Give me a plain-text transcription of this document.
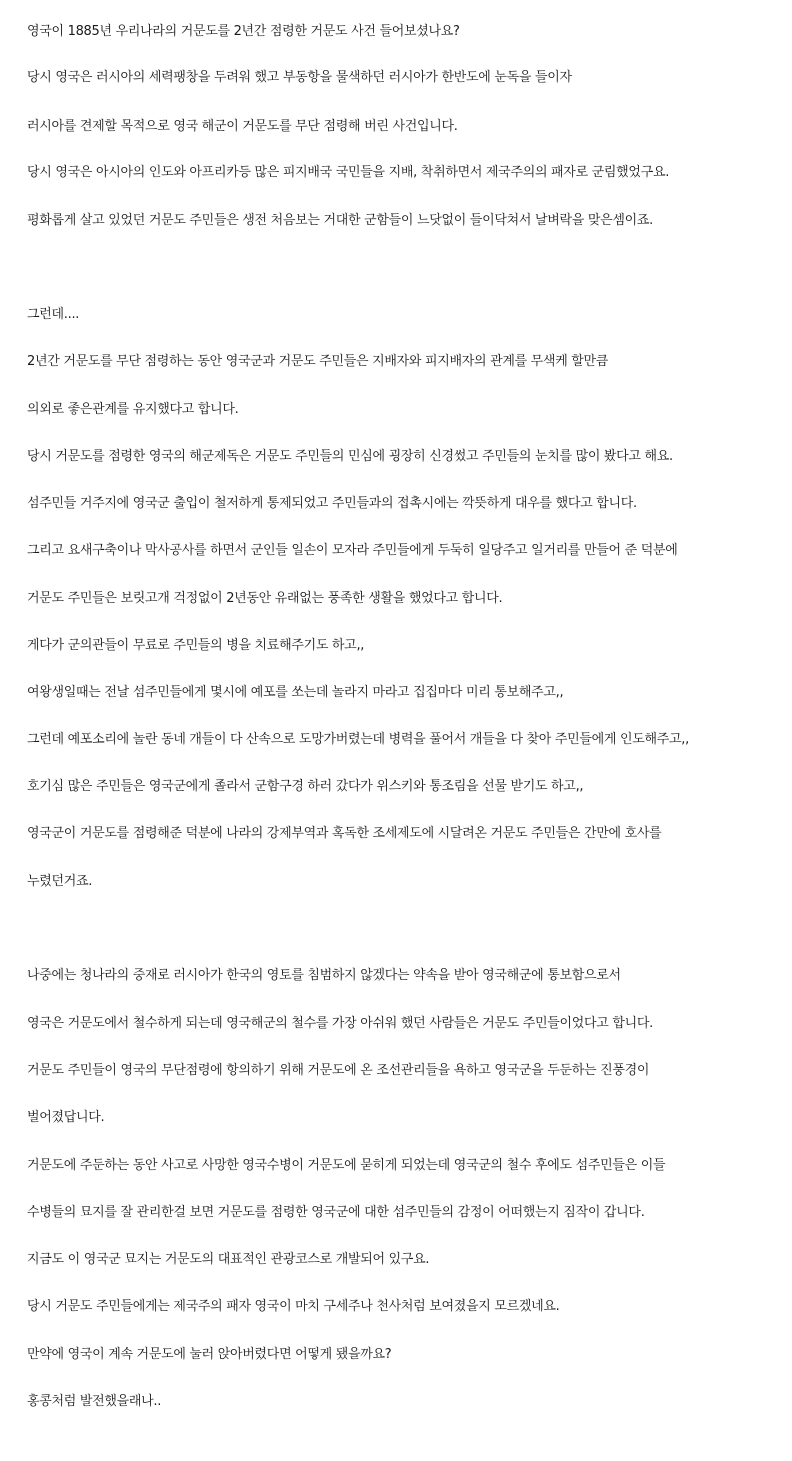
영국이 1885년 우리나라의 거문도를 2년간 점령한 거문도 사건 들어보셨나요?

당시 영국은 러시아의 세력팽창을 두려워 했고 부동항을 물색하던 러시아가 한반도에 눈독을 들이자

러시아를 견제할 목적으로 영국 해군이 거문도를 무단 점령해 버린 사건입니다.

당시 영국은 아시아의 인도와 아프리카등 많은 피지배국 국민들을 지배, 착취하면서 제국주의의 패자로 군림했었구요.

평화롭게 살고 있었던 거문도 주민들은 생전 처음보는 거대한 군함들이 느닷없이 들이닥쳐서 날벼락을 맞은셈이죠.

그런데....

2년간 거문도를 무단 점령하는 동안 영국군과 거문도 주민들은 지배자와 피지배자의 관계를 무색케 할만큼

의외로 좋은관계를 유지했다고 합니다.

당시 거문도를 점령한 영국의 해군제독은 거문도 주민들의 민심에 굉장히 신경썼고 주민들의 눈치를 많이 봤다고 해요.

섬주민들 거주지에 영국군 출입이 철저하게 통제되었고 주민들과의 접촉시에는 깍뜻하게 대우를 했다고 합니다.

그리고 요새구축이나 막사공사를 하면서 군인들 일손이 모자라 주민들에게 두둑히 일당주고 일거리를 만들어 준 덕분에

거문도 주민들은 보릿고개 걱정없이 2년동안 유래없는 풍족한 생활을 했었다고 합니다.

게다가 군의관들이 무료로 주민들의 병을 치료해주기도 하고,,

여왕생일때는 전날 섬주민들에게 몇시에 예포를 쏘는데 놀라지 마라고 집집마다 미리 통보해주고,,

그런데 예포소리에 놀란 동네 개들이 다 산속으로 도망가버렸는데 병력을 풀어서 개들을 다 찾아 주민들에게 인도해주고,,

호기심 많은 주민들은 영국군에게 졸라서 군함구경 하러 갔다가 위스키와 통조림을 선물 받기도 하고,,

영국군이 거문도를 점령해준 덕분에 나라의 강제부역과 혹독한 조세제도에 시달려온 거문도 주민들은 간만에 호사를

누렸던거죠.

나중에는 청나라의 중재로 러시아가 한국의 영토를 침범하지 않겠다는 약속을 받아 영국해군에 통보함으로서

영국은 거문도에서 철수하게 되는데 영국해군의 철수를 가장 아쉬워 했던 사람들은 거문도 주민들이었다고 합니다.

거문도 주민들이 영국의 무단점령에 항의하기 위해 거문도에 온 조선관리들을 욕하고 영국군을 두둔하는 진풍경이

벌어졌답니다.

거문도에 주둔하는 동안 사고로 사망한 영국수병이 거문도에 묻히게 되었는데 영국군의 철수 후에도 섬주민들은 이들

수병들의 묘지를 잘 관리한걸 보면 거문도를 점령한 영국군에 대한 섬주민들의 감정이 어떠했는지 짐작이 갑니다.

지금도 이 영국군 묘지는 거문도의 대표적인 관광코스로 개발되어 있구요.

당시 거문도 주민들에게는 제국주의 패자 영국이 마치 구세주나 천사처럼 보여졌을지 모르겠네요.

만약에 영국이 계속 거문도에 눌러 앉아버렸다면 어떻게 됐을까요?

홍콩처럼 발전했을래나..
